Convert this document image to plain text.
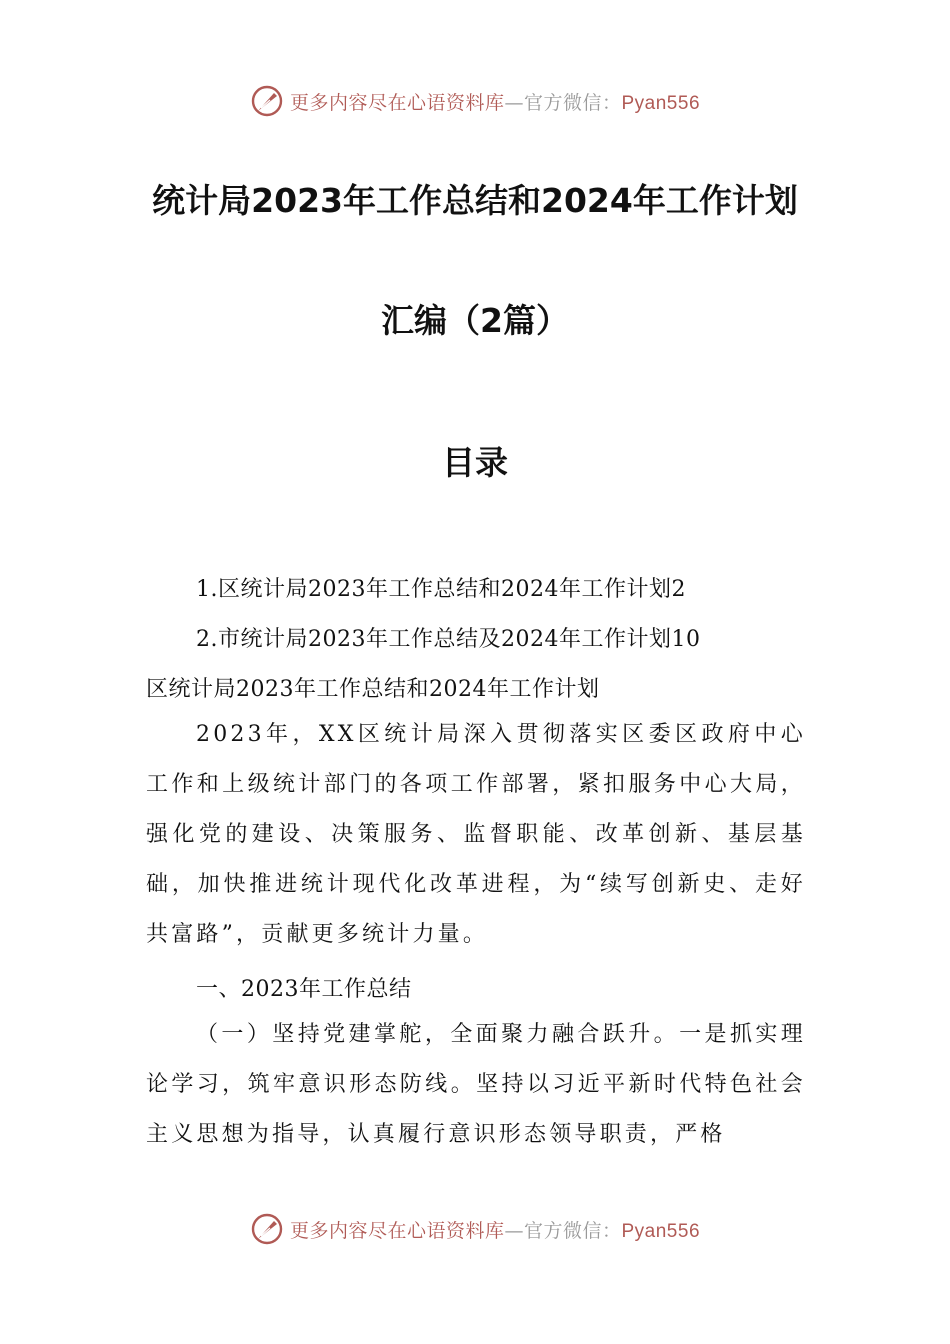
更多内容尽在心语资料库—官方微信：Pyan556
统计局2023年工作总结和2024年工作计划
汇编（2篇）
目录
1.区统计局2023年工作总结和2024年工作计划2
2.市统计局2023年工作总结及2024年工作计划10
区统计局2023年工作总结和2024年工作计划
2023年，XX区统计局深入贯彻落实区委区政府中心工作和上级统计部门的各项工作部署，紧扣服务中心大局，强化党的建设、决策服务、监督职能、改革创新、基层基础，加快推进统计现代化改革进程，为“续写创新史、走好共富路”，贡献更多统计力量。
一、2023年工作总结
（一）坚持党建掌舵，全面聚力融合跃升。一是抓实理论学习，筑牢意识形态防线。坚持以习近平新时代特色社会主义思想为指导，认真履行意识形态领导职责，严格
更多内容尽在心语资料库—官方微信：Pyan556
